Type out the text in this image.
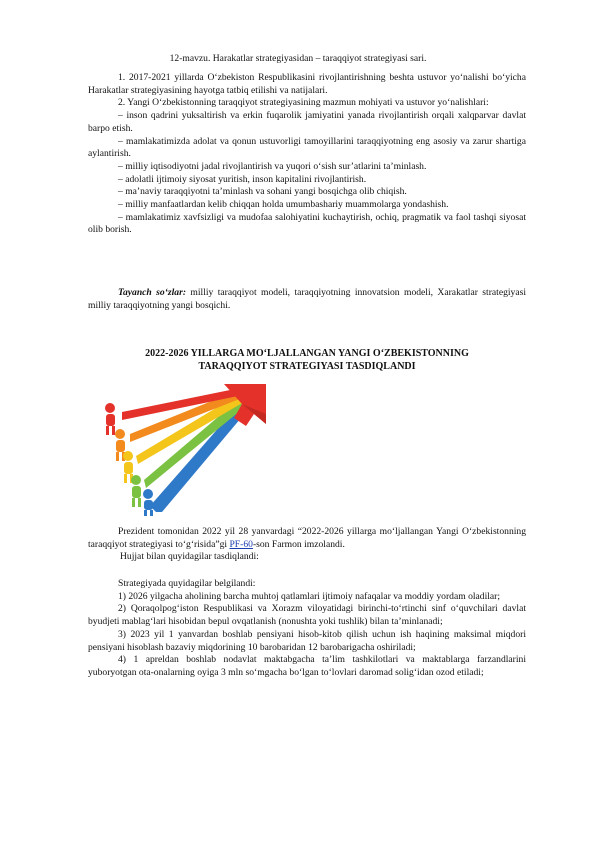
12-mavzu. Harakatlar strategiyasidan – taraqqiyot strategiyasi sari.

1. 2017-2021 yillarda O‘zbekiston Respublikasini rivojlantirishning beshta ustuvor yo‘nalishi bo‘yicha Harakatlar strategiyasining hayotga tatbiq etilishi va natijalari.

2. Yangi O‘zbekistonning taraqqiyot strategiyasining mazmun mohiyati va ustuvor yo‘nalishlari:

– inson qadrini yuksaltirish va erkin fuqarolik jamiyatini yanada rivojlantirish orqali xalqparvar davlat barpo etish.

– mamlakatimizda adolat va qonun ustuvorligi tamoyillarini taraqqiyotning eng asosiy va zarur shartiga aylantirish.

– milliy iqtisodiyotni jadal rivojlantirish va yuqori o‘sish sur’atlarini ta’minlash.

– adolatli ijtimoiy siyosat yuritish, inson kapitalini rivojlantirish.

– ma’naviy taraqqiyotni ta’minlash va sohani yangi bosqichga olib chiqish.

– milliy manfaatlardan kelib chiqqan holda umumbashariy muammolarga yondashish.

– mamlakatimiz xavfsizligi va mudofaa salohiyatini kuchaytirish, ochiq, pragmatik va faol tashqi siyosat olib borish.

Tayanch so‘zlar: milliy taraqqiyot modeli, taraqqiyotning innovatsion modeli, Xarakatlar strategiyasi milliy taraqqiyotning yangi bosqichi.

2022-2026 YILLARGA MO‘LJALLANGAN YANGI O‘ZBEKISTONNING
TARAQQIYOT STRATEGIYASI TASDIQLANDI

Prezident tomonidan 2022 yil 28 yanvardagi “2022-2026 yillarga mo‘ljallangan Yangi O‘zbekistonning taraqqiyot strategiyasi to‘g‘risida”gi PF-60-son Farmon imzolandi.

Hujjat bilan quyidagilar tasdiqlandi:

Strategiyada quyidagilar belgilandi:

1) 2026 yilgacha aholining barcha muhtoj qatlamlari ijtimoiy nafaqalar va moddiy yordam oladilar;

2) Qoraqolpog‘iston Respublikasi va Xorazm viloyatidagi birinchi-to‘rtinchi sinf o‘quvchilari davlat byudjeti mablag‘lari hisobidan bepul ovqatlanish (nonushta yoki tushlik) bilan ta’minlanadi;

3) 2023 yil 1 yanvardan boshlab pensiyani hisob-kitob qilish uchun ish haqining maksimal miqdori pensiyani hisoblash bazaviy miqdorining 10 barobaridan 12 barobarigacha oshiriladi;

4) 1 apreldan boshlab nodavlat maktabgacha ta’lim tashkilotlari va maktablarga farzandlarini yuboryotgan ota-onalarning oyiga 3 mln so‘mgacha bo‘lgan to‘lovlari daromad solig‘idan ozod etiladi;
